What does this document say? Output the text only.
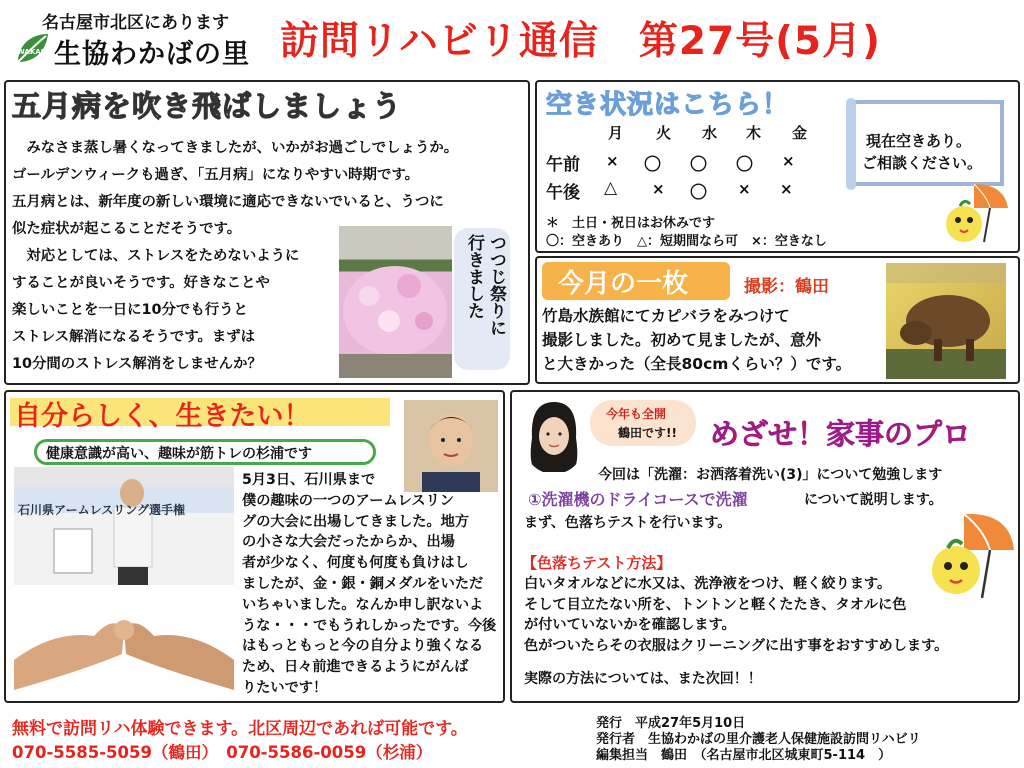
名古屋市北区にあります
WAKABA 生協わかばの里 訪問リハビリ通信　第27号(5月)
五月病を吹き飛ばしましょう
　みなさま蒸し暑くなってきましたが、いかがお過ごしでしょうか。
ゴールデンウィークも過ぎ、「五月病」になりやすい時期です。
五月病とは、新年度の新しい環境に適応できないでいると、うつに
似た症状が起こることだそうです。
　対応としては、ストレスをためないように
することが良いそうです。好きなことや
楽しいことを一日に10分でも行うと
ストレス解消になるそうです。まずは
10分間のストレス解消をしませんか？
つつじ祭りに
行きました
空き状況はこちら！
月 火 水 木 金
午前 × 〇 〇 〇 ×
午後 △ × 〇 × ×
＊　土日・祝日はお休みです
〇：空きあり　△：短期間なら可　×：空きなし
現在空きあり。
ご相談ください。
今月の一枚	撮影：鶴田
竹島水族館にてカピバラをみつけて
撮影しました。初めて見ましたが、意外
と大きかった（全長80cmくらい？）です。
自分らしく、生きたい！
健康意識が高い、趣味が筋トレの杉浦です
石川県アームレスリング選手権
5月3日、石川県まで
僕の趣味の一つのアームレスリン
グの大会に出場してきました。地方
の小さな大会だったからか、出場
者が少なく、何度も何度も負けはし
ましたが、金・銀・銅メダルをいただ
いちゃいました。なんか申し訳ないよ
うな・・・でもうれしかったです。今後
はもっともっと今の自分より強くなる
ため、日々前進できるようにがんば
りたいです！
今年も全開
鶴田です!! めざせ！家事のプロ
今回は「洗濯：お洒落着洗い(3)」について勉強します
①洗濯機のドライコースで洗濯	について説明します。
まず、色落ちテストを行います。
【色落ちテスト方法】
白いタオルなどに水又は、洗浄液をつけ、軽く絞ります。
そして目立たない所を、トントンと軽くたたき、タオルに色
が付いていないかを確認します。
色がついたらその衣服はクリーニングに出す事をおすすめします。
実際の方法については、また次回！！
無料で訪問リハ体験できます。北区周辺であれば可能です。
070-5585-5059（鶴田）　070-5586-0059（杉浦）
発行　平成27年5月10日
発行者　生協わかばの里介護老人保健施設訪問リハビリ
編集担当　鶴田　（名古屋市北区城東町5-114　）
